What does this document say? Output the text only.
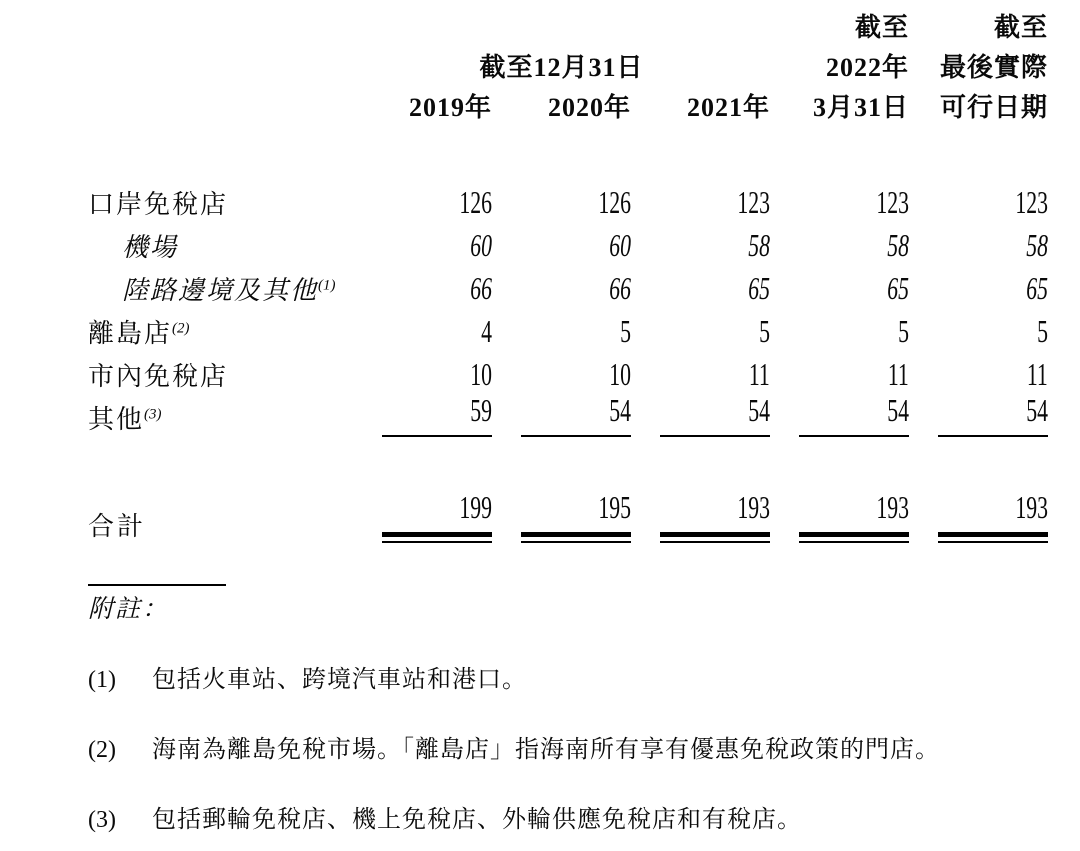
				截至	截至
	截至12月31日			2022年	最後實際
	2019年	2020年	2021年	3月31日	可行日期

口岸免稅店	126	126	123	123	123
機場	60	60	58	58	58
陸路邊境及其他$^{(1)}$	66	66	65	65	65
離島店$^{(2)}$	4	5	5	5	5
市內免稅店	10	10	11	11	11
其他$^{(3)}$	59	54	54	54	54

合計	199	195	193	193	193
附註：
(1)	包括火車站、跨境汽車站和港口。
(2)	海南為離島免稅市場。「離島店」指海南所有享有優惠免稅政策的門店。
(3)	包括郵輪免稅店、機上免稅店、外輪供應免稅店和有稅店。
